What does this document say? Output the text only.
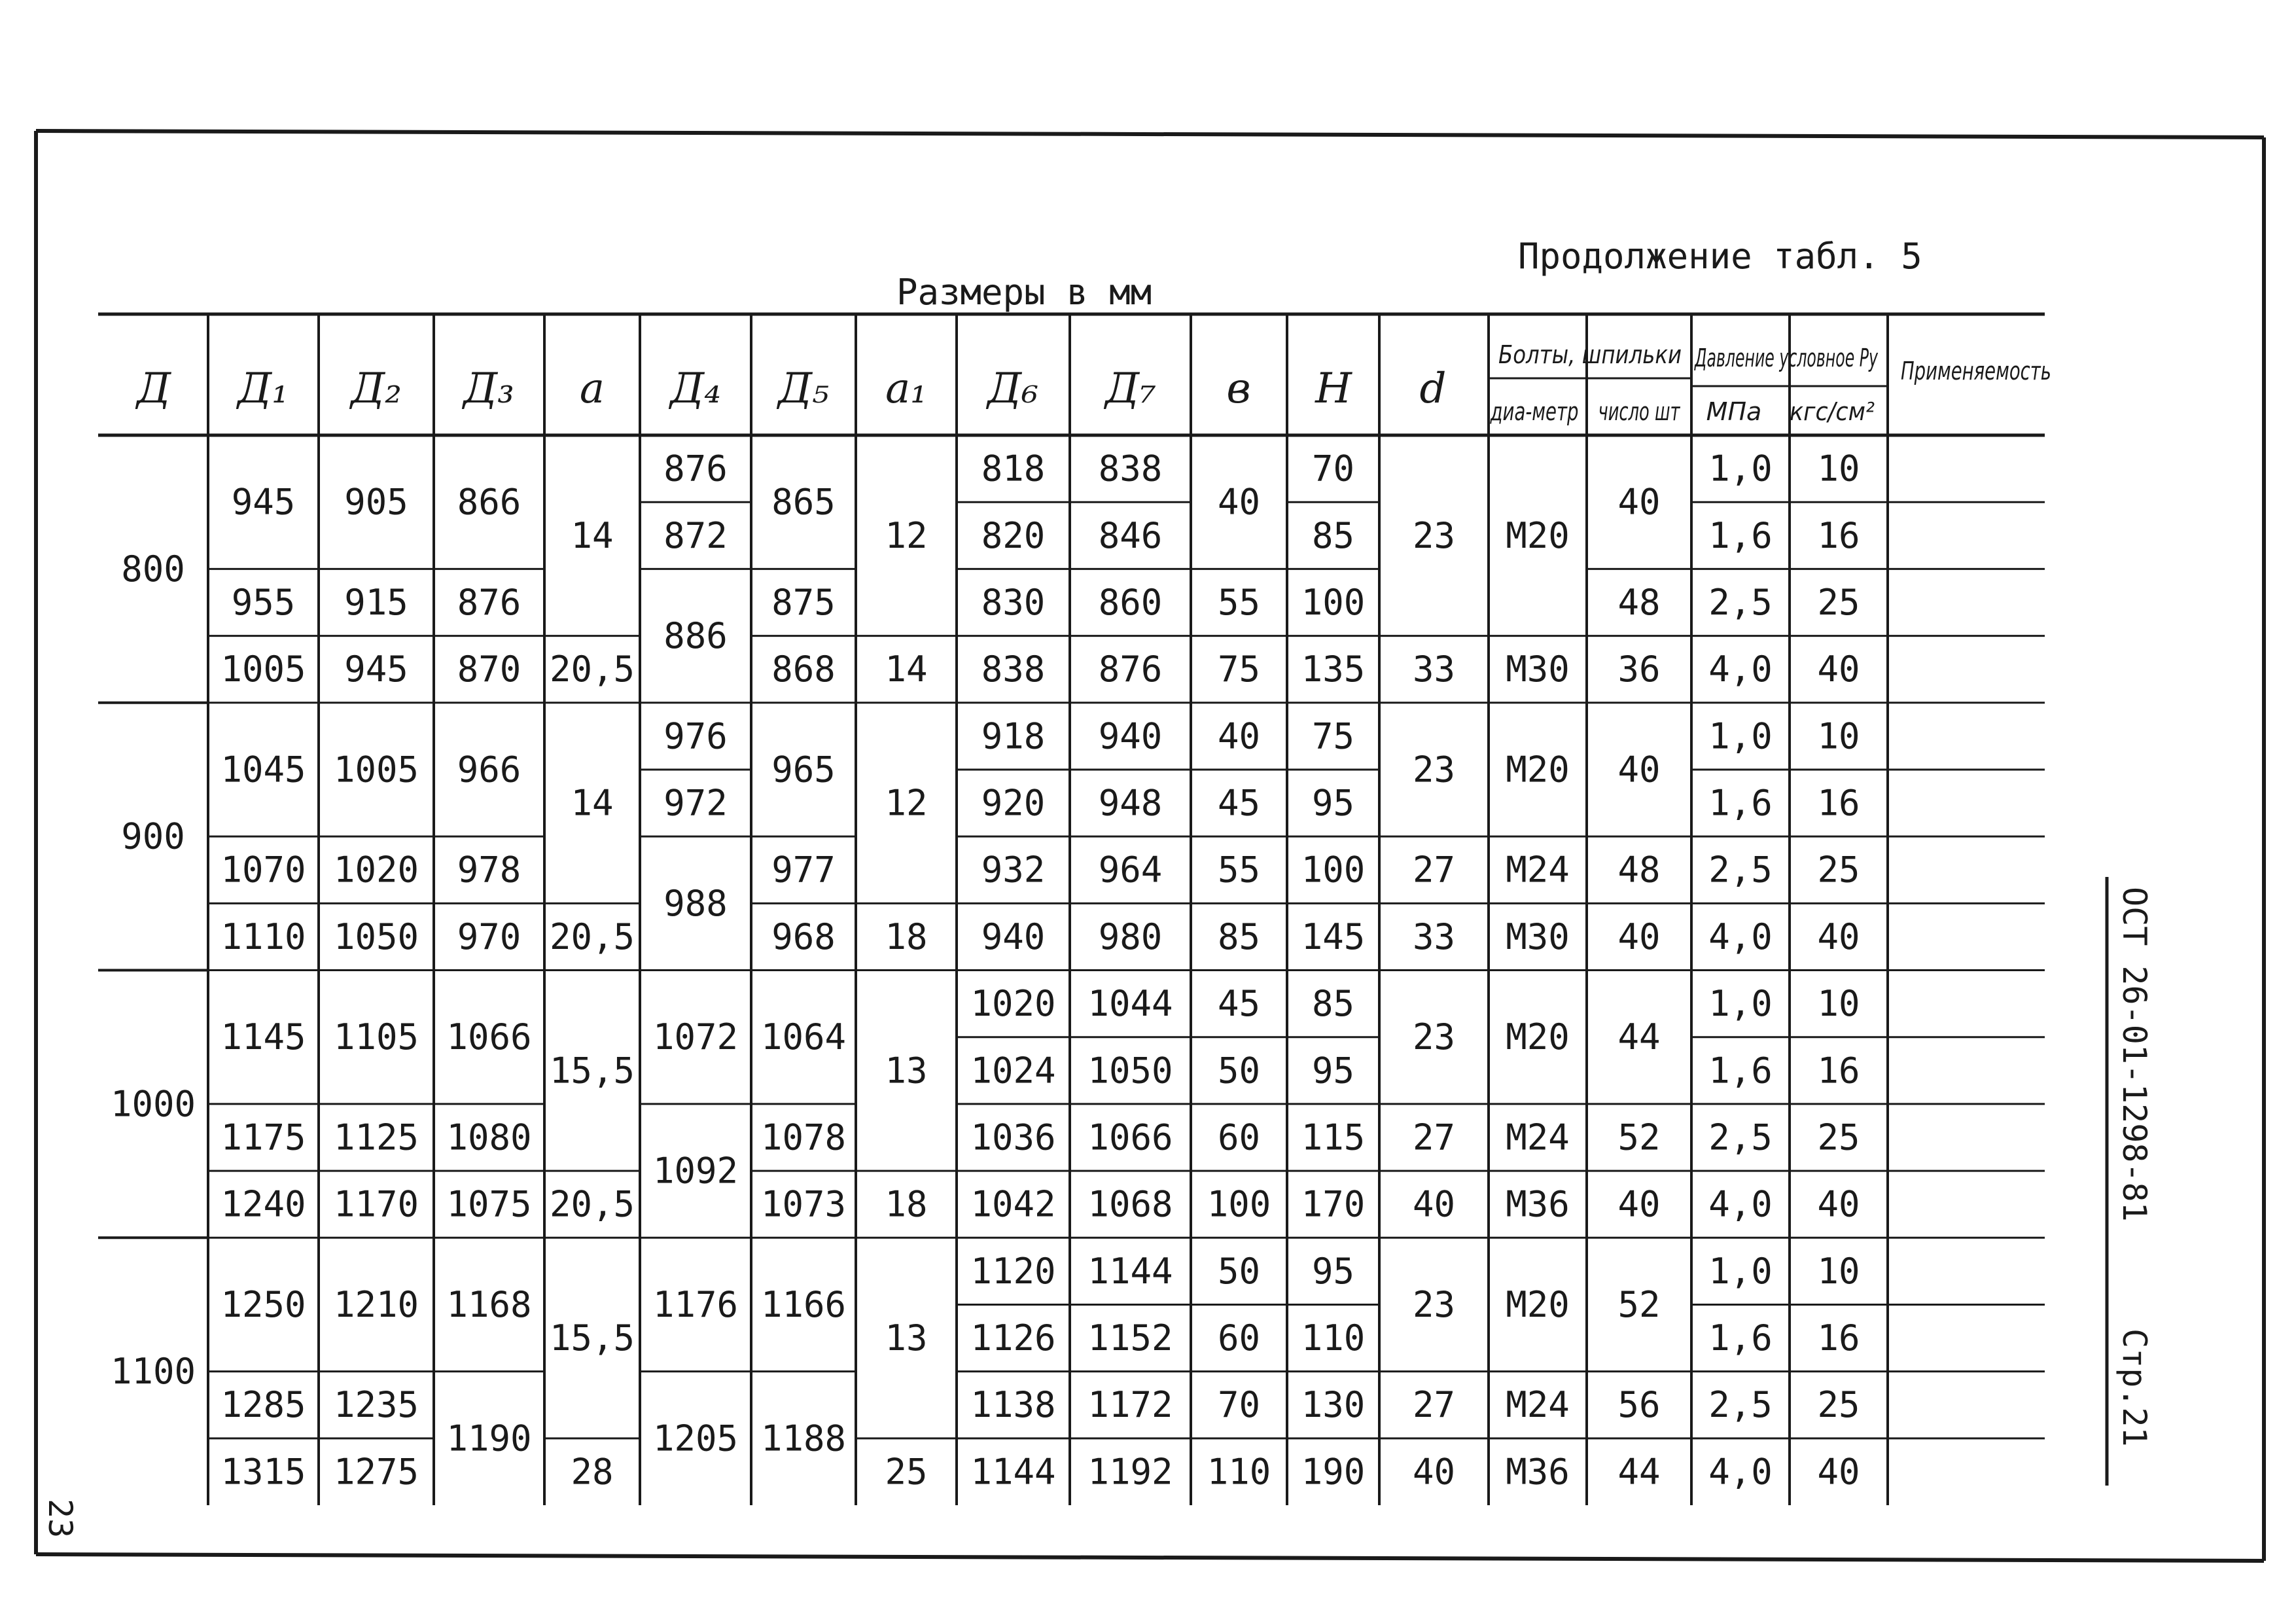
Продолжение табл. 5
Размеры в мм
Д Д₁ Д₂ Д₃ а Д₄ Д₅ а₁ Д₆ Д₇ в Н d
Болты, шпильки
диа-метр число шт
Давление условное Ру
МПа кгс/см²
Применяемость
945
955
1005
1045
1070
1110
1145
1175
1240
1250
1285
1315
905
915
945
1005
1020
1050
1105
1125
1170
1210
1235
1275
866
876
870
966
978
970
1066
1080
1075
1168
1190
14
20,5
14
20,5
15,5
20,5
15,5
28
876
872
886
976
972
988
1072
1092
1176
1205
865
875
868
965
977
968
1064
1078
1073
1166
1188
12
14
12
18
13
18
13
25
818
820
830
838
918
920
932
940
1020
1024
1036
1042
1120
1126
1138
1144
838
846
860
876
940
948
964
980
1044
1050
1066
1068
1144
1152
1172
1192
40
55
75
40
45
55
85
45
50
60
100
50
60
70
110
70
85
100
135
75
95
100
145
85
95
115
170
95
110
130
190
23
33
23
27
33
23
27
40
23
27
40
М20
М30
М20
М24
М30
М20
М24
М36
М20
М24
М36
40
48
36
40
48
40
44
52
40
52
56
44
1,0
1,6
2,5
4,0
1,0
1,6
2,5
4,0
1,0
1,6
2,5
4,0
1,0
1,6
2,5
4,0
10
16
25
40
10
16
25
40
10
16
25
40
10
16
25
40
800
900
1000
1100
ОСТ 26-01-1298-81
Стр.21
23
